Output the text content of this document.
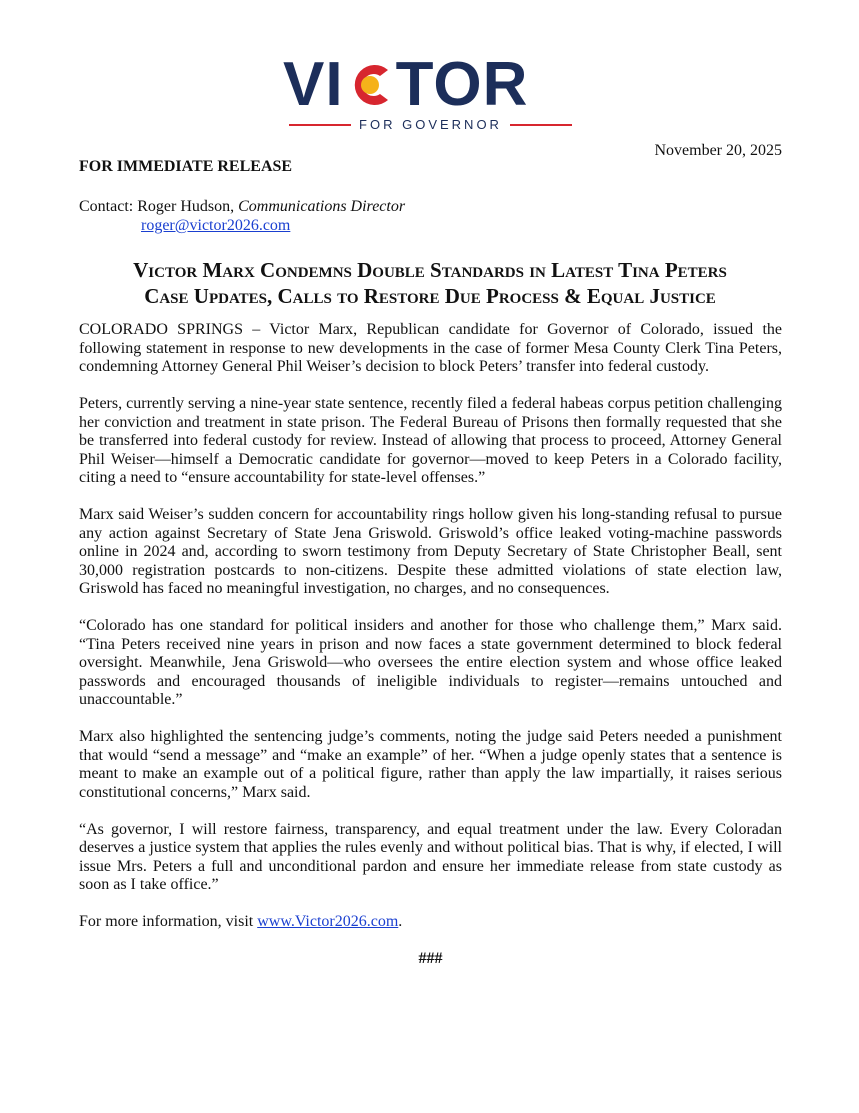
VI TOR
FOR GOVERNOR
November 20, 2025
FOR IMMEDIATE RELEASE
Contact: Roger Hudson, Communications Director
roger@victor2026.com
Victor Marx Condemns Double Standards in Latest Tina Peters
Case Updates, Calls to Restore Due Process & Equal Justice

COLORADO SPRINGS – Victor Marx, Republican candidate for Governor of Colorado, issued the following statement in response to new developments in the case of former Mesa County Clerk Tina Peters, condemning Attorney General Phil Weiser’s decision to block Peters’ transfer into federal custody.

Peters, currently serving a nine-year state sentence, recently filed a federal habeas corpus petition challenging her conviction and treatment in state prison. The Federal Bureau of Prisons then formally requested that she be transferred into federal custody for review. Instead of allowing that process to proceed, Attorney General Phil Weiser—himself a Democratic candidate for governor—moved to keep Peters in a Colorado facility, citing a need to “ensure accountability for state-level offenses.”

Marx said Weiser’s sudden concern for accountability rings hollow given his long-standing refusal to pursue any action against Secretary of State Jena Griswold. Griswold’s office leaked voting-machine passwords online in 2024 and, according to sworn testimony from Deputy Secretary of State Christopher Beall, sent 30,000 registration postcards to non-citizens. Despite these admitted violations of state election law, Griswold has faced no meaningful investigation, no charges, and no consequences.

“Colorado has one standard for political insiders and another for those who challenge them,” Marx said. “Tina Peters received nine years in prison and now faces a state government determined to block federal oversight. Meanwhile, Jena Griswold—who oversees the entire election system and whose office leaked passwords and encouraged thousands of ineligible individuals to register—remains untouched and unaccountable.”

Marx also highlighted the sentencing judge’s comments, noting the judge said Peters needed a punishment that would “send a message” and “make an example” of her. “When a judge openly states that a sentence is meant to make an example out of a political figure, rather than apply the law impartially, it raises serious constitutional concerns,” Marx said.

“As governor, I will restore fairness, transparency, and equal treatment under the law. Every Coloradan deserves a justice system that applies the rules evenly and without political bias. That is why, if elected, I will issue Mrs. Peters a full and unconditional pardon and ensure her immediate release from state custody as soon as I take office.”

For more information, visit www.Victor2026.com.

###
